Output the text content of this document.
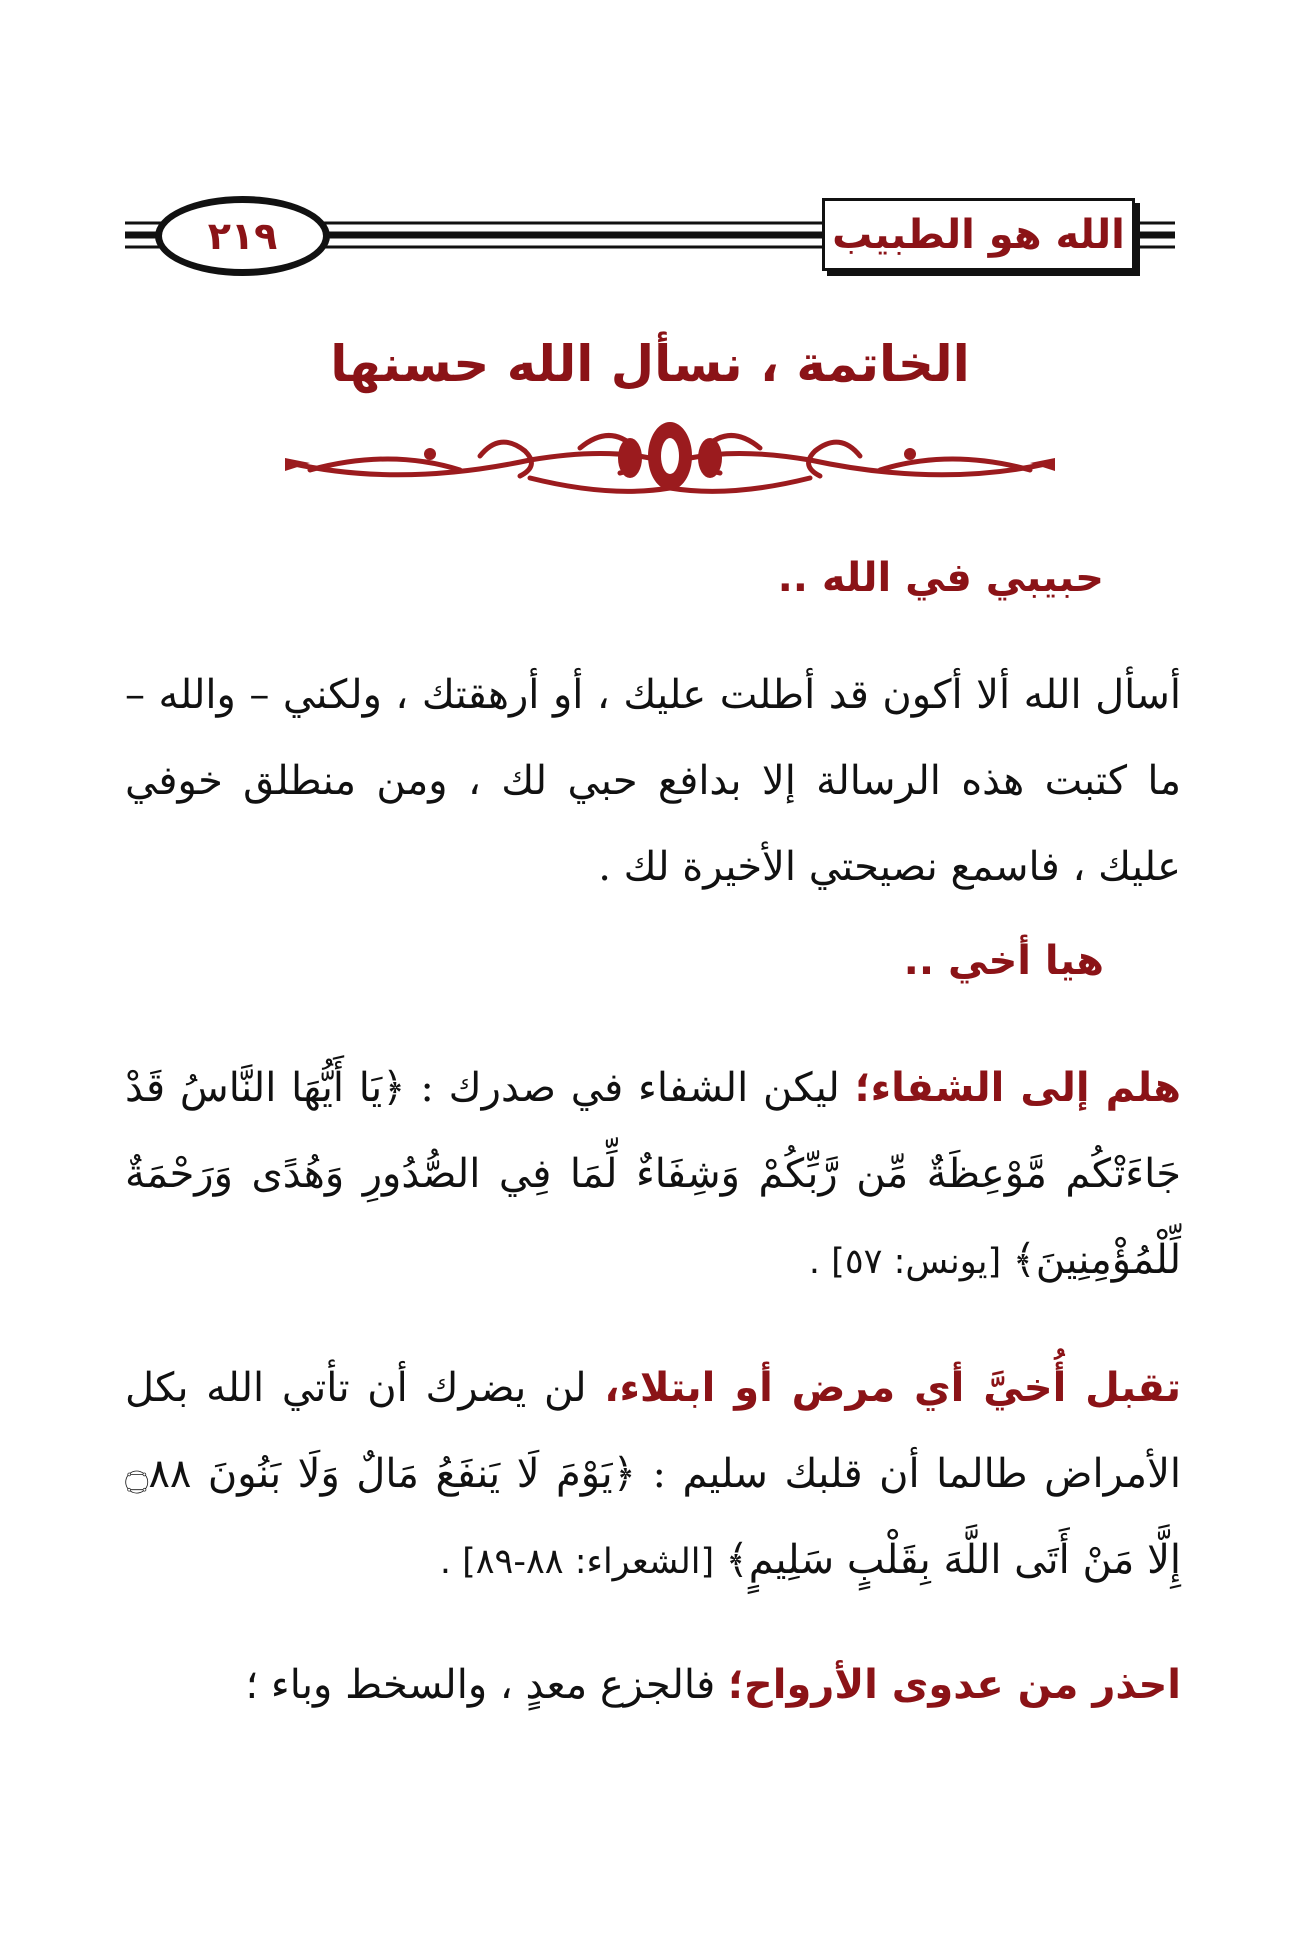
٢١٩	الله هو الطبيب
الخاتمة ، نسأل الله حسنها
حبيبي في الله ..
أسأل الله ألا أكون قد أطلت عليك ، أو أرهقتك ، ولكني – والله – ما كتبت هذه الرسالة إلا بدافع حبي لك ، ومن منطلق خوفي عليك ، فاسمع نصيحتي الأخيرة لك .
هيا أخي ..
هلم إلى الشفاء؛ ليكن الشفاء في صدرك : ﴿يَا أَيُّهَا النَّاسُ قَدْ جَاءَتْكُم مَّوْعِظَةٌ مِّن رَّبِّكُمْ وَشِفَاءٌ لِّمَا فِي الصُّدُورِ وَهُدًى وَرَحْمَةٌ لِّلْمُؤْمِنِينَ﴾ [يونس: ٥٧] .
تقبل أُخيَّ أي مرض أو ابتلاء، لن يضرك أن تأتي الله بكل الأمراض طالما أن قلبك سليم : ﴿يَوْمَ لَا يَنفَعُ مَالٌ وَلَا بَنُونَ ۝٨٨ إِلَّا مَنْ أَتَى اللَّهَ بِقَلْبٍ سَلِيمٍ﴾ [الشعراء: ٨٨-٨٩] .
احذر من عدوى الأرواح؛ فالجزع معدٍ ، والسخط وباء ؛
